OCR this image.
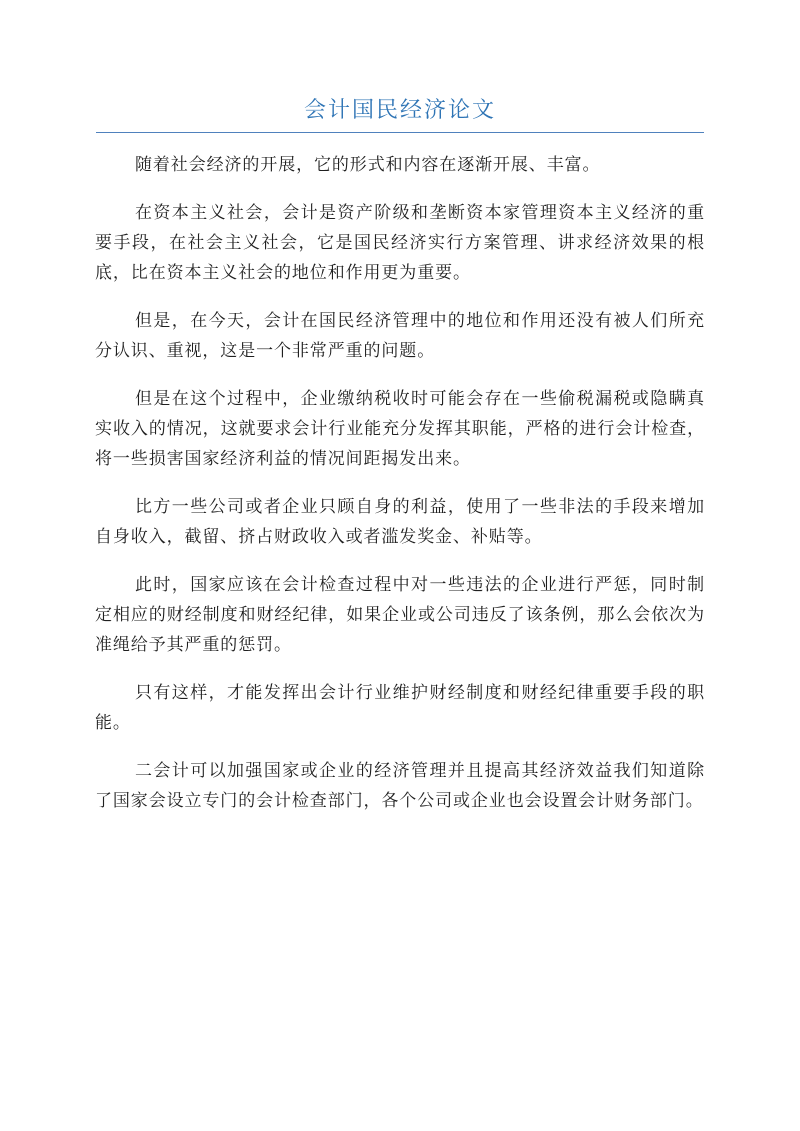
会计国民经济论文

随着社会经济的开展，它的形式和内容在逐渐开展、丰富。

在资本主义社会，会计是资产阶级和垄断资本家管理资本主义经济的重要手段，在社会主义社会，它是国民经济实行方案管理、讲求经济效果的根底，比在资本主义社会的地位和作用更为重要。

但是，在今天，会计在国民经济管理中的地位和作用还没有被人们所充分认识、重视，这是一个非常严重的问题。

但是在这个过程中，企业缴纳税收时可能会存在一些偷税漏税或隐瞒真实收入的情况，这就要求会计行业能充分发挥其职能，严格的进行会计检查，将一些损害国家经济利益的情况间距揭发出来。

比方一些公司或者企业只顾自身的利益，使用了一些非法的手段来增加自身收入，截留、挤占财政收入或者滥发奖金、补贴等。

此时，国家应该在会计检查过程中对一些违法的企业进行严惩，同时制定相应的财经制度和财经纪律，如果企业或公司违反了该条例，那么会依次为准绳给予其严重的惩罚。

只有这样，才能发挥出会计行业维护财经制度和财经纪律重要手段的职能。

二会计可以加强国家或企业的经济管理并且提高其经济效益我们知道除了国家会设立专门的会计检查部门，各个公司或企业也会设置会计财务部门。
